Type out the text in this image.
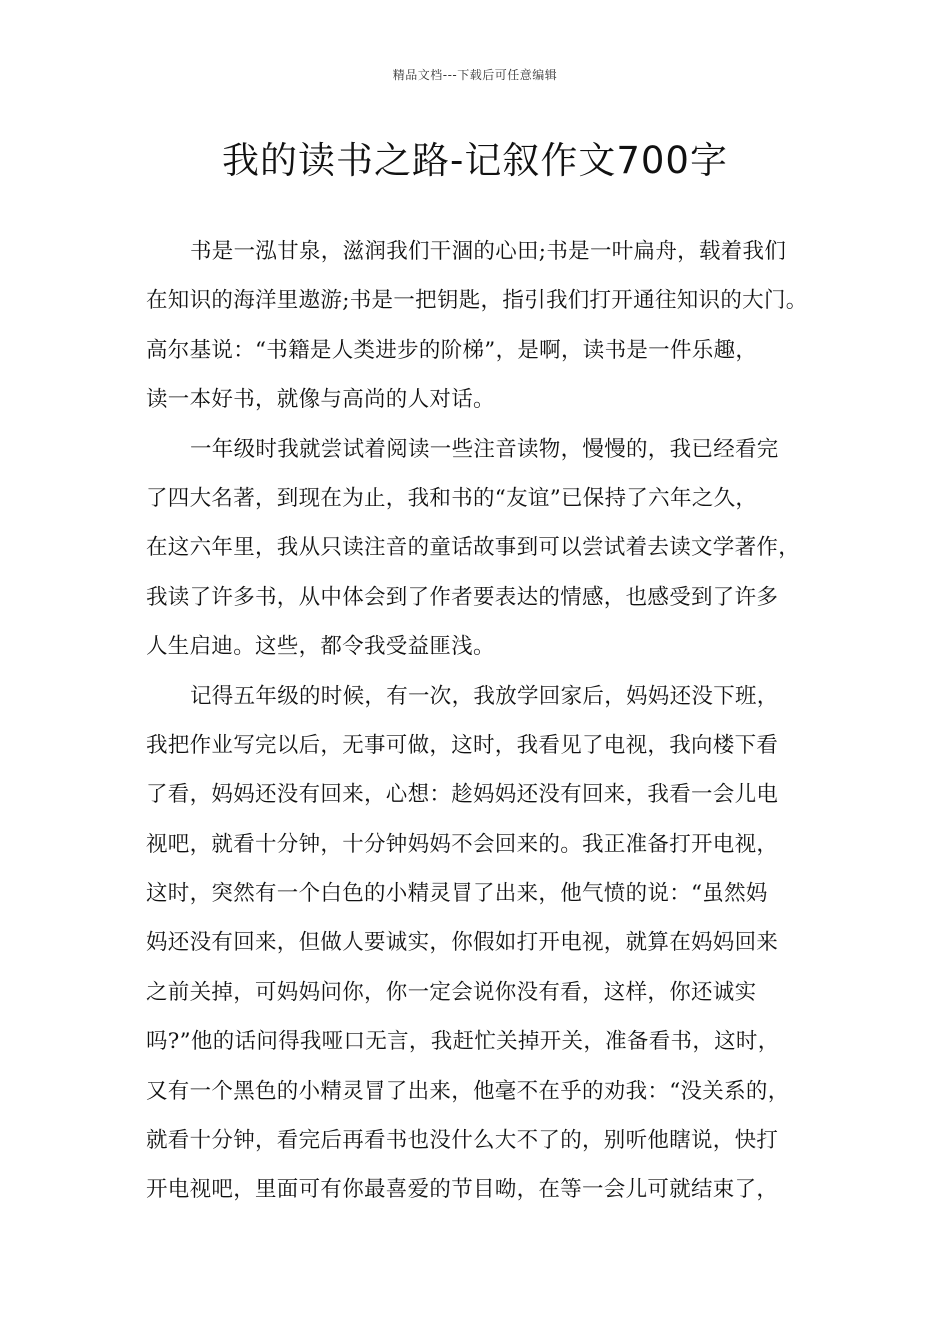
精品文档---下载后可任意编辑
我的读书之路-记叙作文700字
书是一泓甘泉，滋润我们干涸的心田;书是一叶扁舟，载着我们
在知识的海洋里遨游;书是一把钥匙，指引我们打开通往知识的大门。
高尔基说：“书籍是人类进步的阶梯”，是啊，读书是一件乐趣，
读一本好书，就像与高尚的人对话。
一年级时我就尝试着阅读一些注音读物，慢慢的，我已经看完
了四大名著，到现在为止，我和书的“友谊”已保持了六年之久，
在这六年里，我从只读注音的童话故事到可以尝试着去读文学著作，
我读了许多书，从中体会到了作者要表达的情感，也感受到了许多
人生启迪。这些，都令我受益匪浅。
记得五年级的时候，有一次，我放学回家后，妈妈还没下班，
我把作业写完以后，无事可做，这时，我看见了电视，我向楼下看
了看，妈妈还没有回来，心想：趁妈妈还没有回来，我看一会儿电
视吧，就看十分钟，十分钟妈妈不会回来的。我正准备打开电视，
这时，突然有一个白色的小精灵冒了出来，他气愤的说：“虽然妈
妈还没有回来，但做人要诚实，你假如打开电视，就算在妈妈回来
之前关掉，可妈妈问你，你一定会说你没有看，这样，你还诚实
吗?”他的话问得我哑口无言，我赶忙关掉开关，准备看书，这时，
又有一个黑色的小精灵冒了出来，他毫不在乎的劝我：“没关系的，
就看十分钟，看完后再看书也没什么大不了的，别听他瞎说，快打
开电视吧，里面可有你最喜爱的节目呦，在等一会儿可就结束了，
